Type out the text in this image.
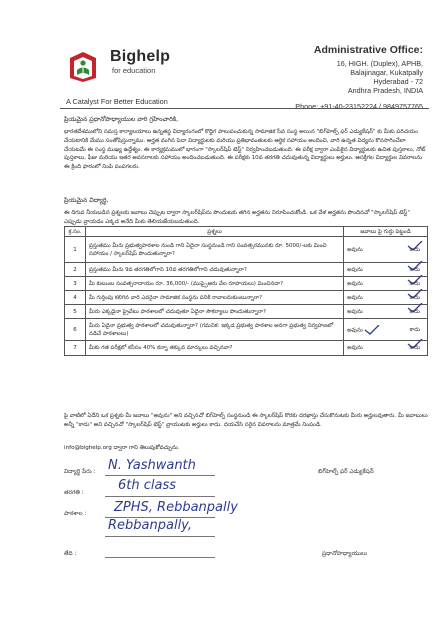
Bighelp
for education
A Catalyst For Better Education
Administrative Office:
16, HIGH. (Duplex), APHB,
Balajinagar, Kukatpally
Hyderabad - 72
Andhra Pradesh, INDIA
Phone: +91-40-23152224 / 9849757765
ప్రియమైన ప్రధానోపాధ్యాయుల వారి గ్రహించారికి,
భారతదేశములోని సమస్త కార్యాలయాలు ఉన్నతస్థ విద్యారంగంలో కొద్దిగ పాలుపంచుకున్న సామాజిక సేవ సంస్థ అయిన "బిగ్‌హెల్ప్ ఫర్ ఎడ్యుకేషన్" కు మీకు పరిచయం చేయటానికి మేము సంతోషిస్తున్నాము. అర్హత వంగిన పెదా విద్యార్థులకు మరియు ప్రతిభావంతులకు ఆర్థిక సహాయం అందించి, వారి ఉన్నత విద్యను కొనసాగించేలా చేయటమే ఈ సంస్థ ముఖ్య ఉద్దేశ్యం. ఈ కార్యక్రమములో భాగంగా "స్కాలర్‌షిప్ టెస్ట్" నిర్వహించబడుతుంది. ఈ పరీక్ష ద్వారా ఎంపికైన విద్యార్థులకు ఉచిత పుస్తకాలు, నోట్ పుస్తకాలు, ఫీజు మరియు ఇతర అవసరాలకు సహాయం అందించబడుతుంది. ఈ పరీక్షకు 10వ తరగతి చదువుతున్న విద్యార్థులు అర్హులు. ఆసక్తిగల విద్యార్థుల వివరాలను ఈ క్రింది ఫారంలో నింపి పంపగలరు.
ప్రియమైన విద్యార్థి,
ఈ దిగువ నీయబడిన ప్రశ్నలకు జవాబు చెప్పుట ద్వారా స్కాలర్‌షిప్‌ను పొందుటకు తగిన అర్హతను నిరూపించుకోండి. ఒక వేళ అర్హతను పొందినచో "స్కాలర్‌షిప్ టెస్ట్" ఎప్పుడు వ్రాయడం ఎక్కడ అనేది మీకు తెలియజేయబడుతుంది.
క్ర.సం.	ప్రశ్నలు	జవాబు పై గుర్తు పెట్టండి
1	ప్రస్తుతము మీరు ప్రభుత్వపాఠశాల నుండి గాని ఏదైనా సంస్థనుండి గాని సంవత్సరమునకు రూ. 5000/-లకు మించి సహాయం / స్కాలర్‌షిప్ పొందుతున్నారా?	అవును కాదు

2	ప్రస్తుతము మీరు 9వ తరగతిలోగాని 10వ తరగతిలోగాని చదువుతున్నారా?	అవును కాదు

3	మీ కుటుంబ సంవత్సరాదాయం రూ. 36,000/- (ముప్పైఆరు వేల రూపాయలు) మించినదా?	అవును కాదు

4	మీ గుర్తింపు కలిగిన వారి ఎవరైనా సామాజిక సంస్థను పనికి రావాలనుకుంటున్నారా?	అవును కాదు

5	మీరు ఎక్కడైనా ప్రైవేటు పాఠశాలలో చదువుతూ ఏదైనా సౌకర్యాలు పొందుతున్నారా?	అవును కాదు

6	మీరు ఏదైనా ప్రభుత్వ పాఠశాలలో చదువుతున్నారా? (గమనిక: ఇక్కడ ప్రభుత్వ పాఠశాల అనగా ప్రభుత్వ నిర్వహణలో నడిచే పాఠశాలలు)	అవును కాదు

7	మీకు గత పరీక్షలో కనీసం 40% కన్నా తక్కువ మార్కులు వచ్చినవా?	అవును కాదు
పై వాటిలో ఏదేని ఒక ప్రశ్నకు మీ జవాబు "అవును" అని వచ్చినచో బిగ్‌హెల్ప్ సంస్థనుండి ఈ స్కాలర్‌షిప్ కొరకు దరఖాస్తు చేసుకొనుటకు మీరు అర్హులవుతారు. మీ జవాబులు అన్నీ "కాదు" అని వచ్చినచో "స్కాలర్‌షిప్ టెస్ట్" వ్రాయుటకు అర్హులు కాదు. దయచేసి సరైన వివరాలను మాత్రమే నింపండి.
info@bighelp.org ద్వారా గాని తెలుపుకోవచ్చును.
విద్యార్థి పేరు : N. Yashwanth
తరగతి :	6th class
పాఠశాల : ZPHS, Rebbanpally
Rebbanpally,
తేది :
బిగ్‌హెల్ప్ ఫర్ ఎడ్యుకేషన్
ప్రధానోపాధ్యాయులు
